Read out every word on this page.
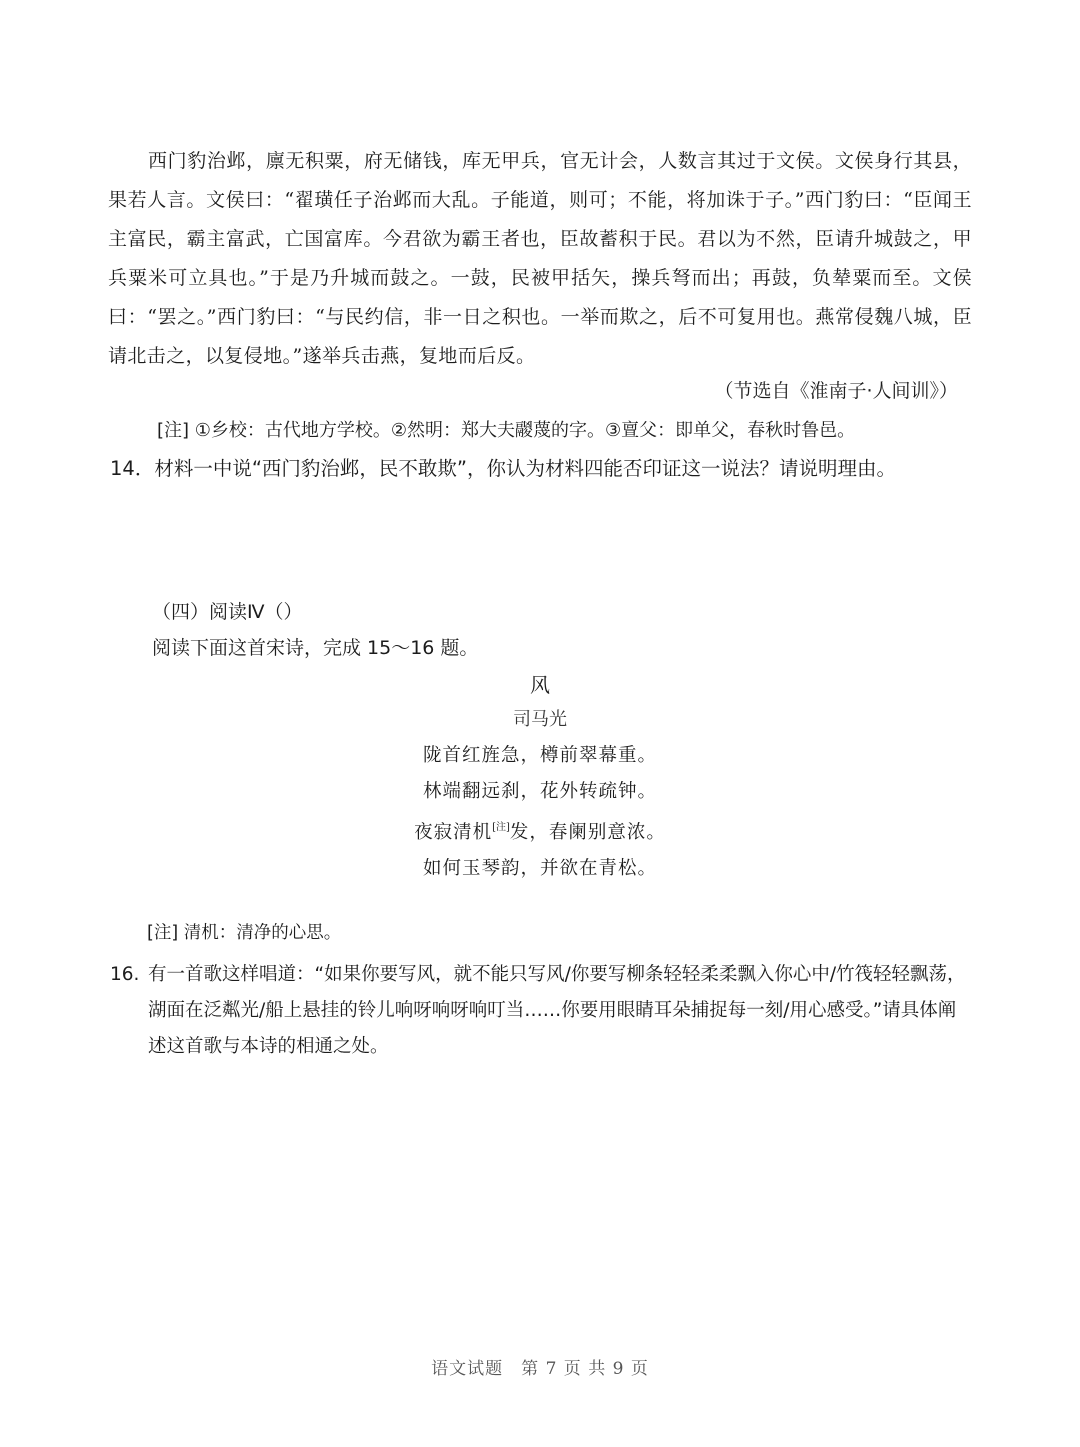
西门豹治邺，廪无积粟，府无储钱，库无甲兵，官无计会，人数言其过于文侯。文侯身行其县，果若人言。文侯曰：“翟璜任子治邺而大乱。子能道，则可；不能，将加诛于子。”西门豹曰：“臣闻王主富民，霸主富武，亡国富库。今君欲为霸王者也，臣故蓄积于民。君以为不然，臣请升城鼓之，甲兵粟米可立具也。”于是乃升城而鼓之。一鼓，民被甲括矢，操兵弩而出；再鼓，负辇粟而至。文侯曰：“罢之。”西门豹曰：“与民约信，非一日之积也。一举而欺之，后不可复用也。燕常侵魏八城，臣请北击之，以复侵地。”遂举兵击燕，复地而后反。

（节选自《淮南子·人间训》）
[注] ①乡校：古代地方学校。②然明：郑大夫鬷蔑的字。③亶父：即单父，春秋时鲁邑。
14．材料一中说“西门豹治邺，民不敢欺”，你认为材料四能否印证这一说法？请说明理由。
（四）阅读Ⅳ（）
阅读下面这首宋诗，完成 15～16 题。
风
司马光
陇首红旌急，樽前翠幕重。
林端翻远刹，花外转疏钟。
夜寂清机[注]发，春阑别意浓。
如何玉琴韵，并欲在青松。
[注] 清机：清净的心思。
16. 有一首歌这样唱道：“如果你要写风，就不能只写风/你要写柳条轻轻柔柔飘入你心中/竹筏轻轻飘荡，湖面在泛粼光/船上悬挂的铃儿响呀响呀响叮当……你要用眼睛耳朵捕捉每一刻/用心感受。”请具体阐述这首歌与本诗的相通之处。
语文试题　第 7 页 共 9 页
